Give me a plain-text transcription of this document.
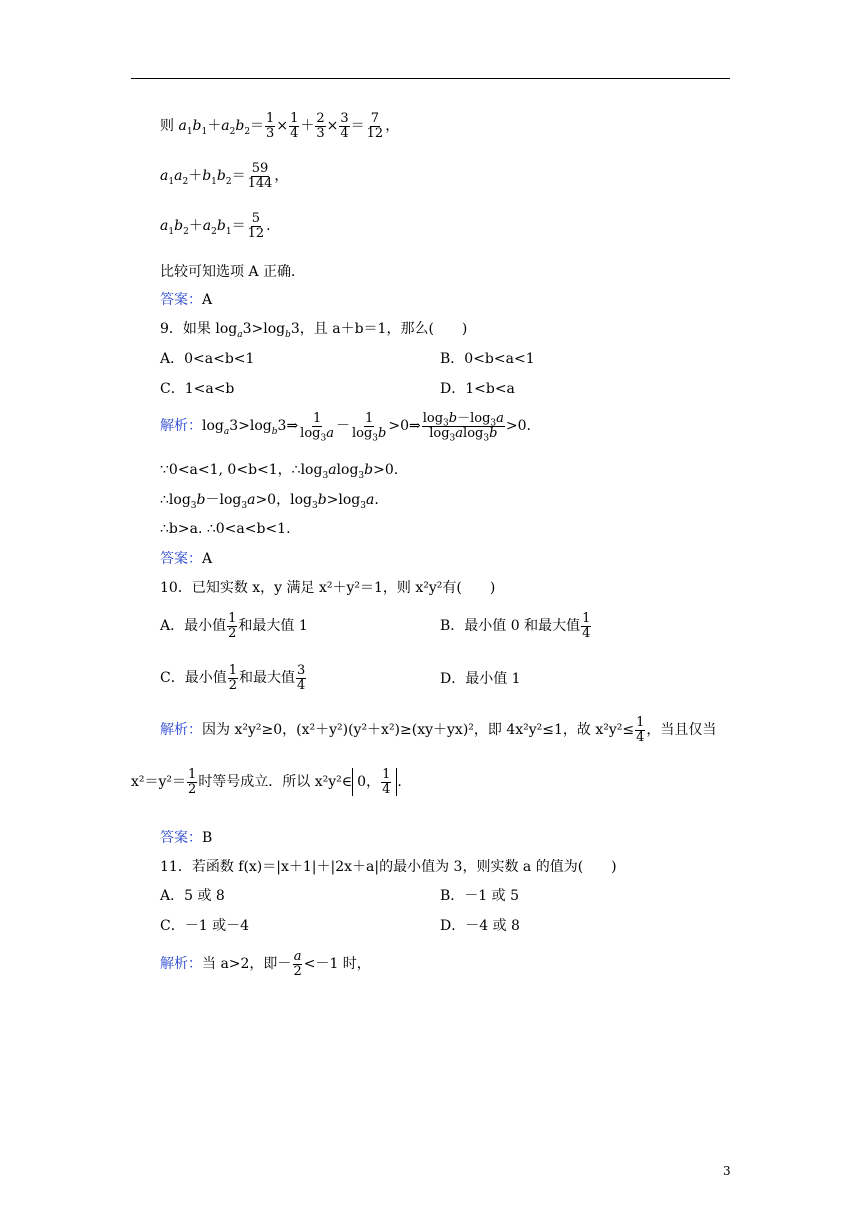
则 $a_1b_1+a_2b_2= \frac{1}{3} \times \frac{1}{4} + \frac{2}{3} \times \frac{3}{4} = \frac{7}{12}$ ，
$a_1a_2+b_1b_2= \frac{59}{144}$ ，
$a_1b_2+a_2b_1= \frac{5}{12}$ .
比较可知选项 A 正确．
答案：A
9．如果 $\log_a3>\log_b3$，且 a＋b＝1，那么(　　)
A．0<a<b<1	B．0<b<a<1
C．1<a<b	D．1<b<a
解析：$\log_a3>\log_b3\Rightarrow \frac{1}{\log_3a} - \frac{1}{\log_3b}$ >0⇒ $\frac{\log_3b-\log_3a}{\log_3alog_3b} >0$.
∵0<a<1, 0<b<1，$\therefore\log_3alog_3b>0$.
$\therefore\log_3b-\log_3a>0$，$\log_3b>\log_3a$.
∴b>a. ∴0<a<b<1.
答案：A
10．已知实数 x，y 满足 x²＋y²＝1，则 x²y²有(　　)
A．最小值 $\frac{1}{2}$ 和最大值 1	B．最小值 0 和最大值 $\frac{1}{4}$
C．最小值 $\frac{1}{2}$ 和最大值 $\frac{3}{4}$	D．最小值 1
解析：因为 x²y²≥0，(x²＋y²)(y²＋x²)≥(xy＋yx)²，即 4x²y²≤1，故 $x^2y^2\le \frac{1}{4}$ ，当且仅当
$x^2=y^2= \frac{1}{2}$ 时等号成立．所以 x²y²∈ 0， $\frac{1}{4}$ .
答案：B
11．若函数 f(x)＝|x＋1|＋|2x＋a|的最小值为 3，则实数 a 的值为(　　)
A．5 或 8	B．－1 或 5
C．－1 或－4	D．－4 或 8
解析：当 a>2，即－ $\frac{a}{2} <-1$ 时，
3
